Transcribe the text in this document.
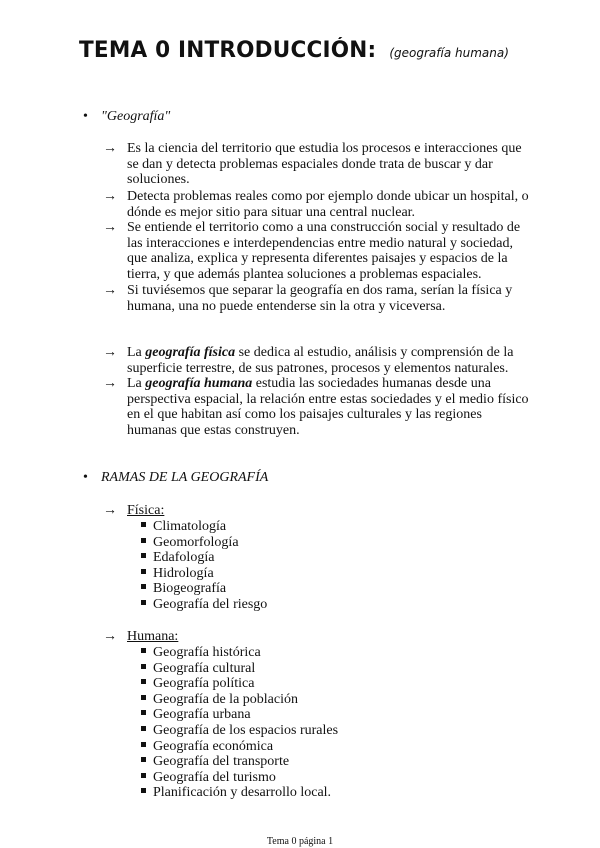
TEMA 0 INTRODUCCIÓN: (geografía humana)
• "Geografía"
→ Es la ciencia del territorio que estudia los procesos e interacciones que se dan y detecta problemas espaciales donde trata de buscar y dar soluciones.
→ Detecta problemas reales como por ejemplo donde ubicar un hospital, o dónde es mejor sitio para situar una central nuclear.
→ Se entiende el territorio como a una construcción social y resultado de las interacciones e interdependencias entre medio natural y sociedad, que analiza, explica y representa diferentes paisajes y espacios de la tierra, y que además plantea soluciones a problemas espaciales.
→ Si tuviésemos que separar la geografía en dos rama, serían la física y humana, una no puede entenderse sin la otra y viceversa.
→ La geografía física se dedica al estudio, análisis y comprensión de la superficie terrestre, de sus patrones, procesos y elementos naturales.
→ La geografía humana estudia las sociedades humanas desde una perspectiva espacial, la relación entre estas sociedades y el medio físico en el que habitan así como los paisajes culturales y las regiones humanas que estas construyen.
• RAMAS DE LA GEOGRAFÍA
→ Física:
Climatología
Geomorfología
Edafología
Hidrología
Biogeografía
Geografía del riesgo
→ Humana:
Geografía histórica
Geografía cultural
Geografía política
Geografía de la población
Geografía urbana
Geografía de los espacios rurales
Geografía económica
Geografía del transporte
Geografía del turismo
Planificación y desarrollo local.
Tema 0 página 1
